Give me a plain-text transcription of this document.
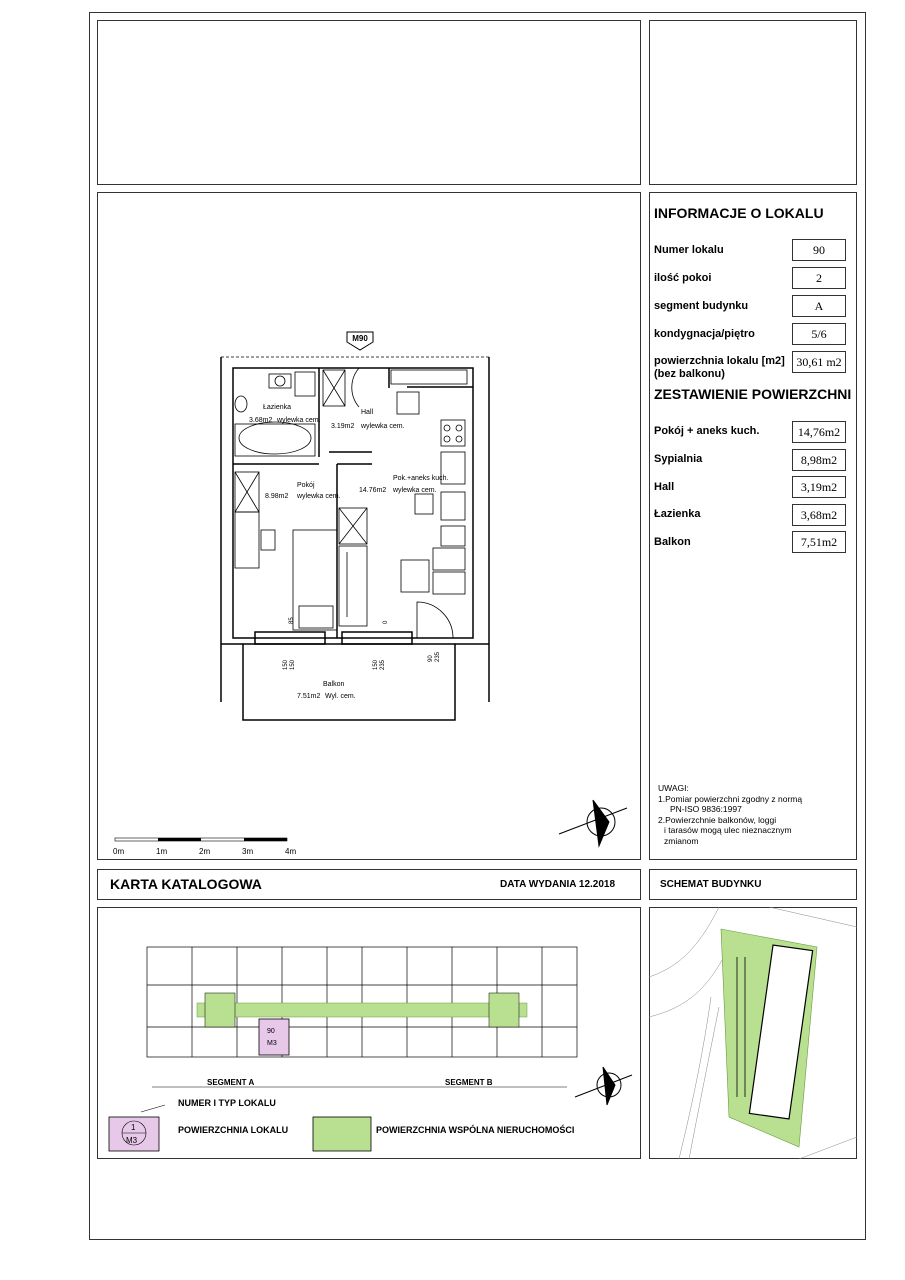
M90
Łazienka
3.68m2 wylewka cem.
Hall
3.19m2 wylewka cem.
Pokój
8.98m2 wylewka cem.
Pok.+aneks kuch.
14.76m2 wylewka cem.
Balkon
7.51m2 Wyl. cem.
85	0
150 150	150 235
90 235
0m	1m	2m	3m	4m
INFORMACJE O LOKALU
Numer lokalu	90
ilość pokoi	2
segment budynku	A
kondygnacja/piętro	5/6
powierzchnia lokalu [m2]
(bez balkonu)
30,61 m2
ZESTAWIENIE POWIERZCHNI
Pokój + aneks kuch.	14,76m2
Sypialnia	8,98m2
Hall	3,19m2
Łazienka	3,68m2
Balkon	7,51m2
UWAGI:
1.Pomiar powierzchni zgodny z normą
PN-ISO 9836:1997
2.Powierzchnie balkonów, loggi
i tarasów mogą ulec nieznacznym
zmianom
KARTA KATALOGOWA	DATA WYDANIA 12.2018	SCHEMAT BUDYNKU
90
M3
SEGMENT A	SEGMENT B
1
M3
NUMER I TYP LOKALU
POWIERZCHNIA LOKALU	POWIERZCHNIA WSPÓLNA NIERUCHOMOŚCI
